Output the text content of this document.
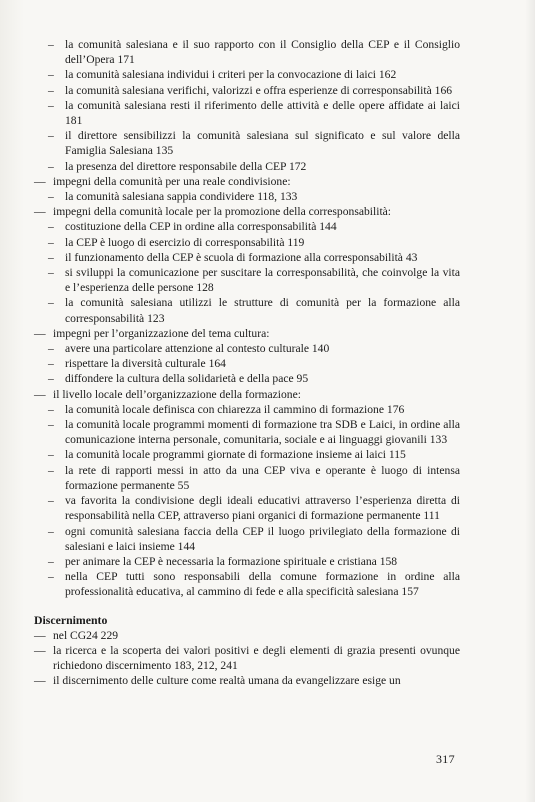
– la comunità salesiana e il suo rapporto con il Consiglio della CEP e il Consiglio dell’Opera 171
– la comunità salesiana individui i criteri per la convocazione di laici 162
– la comunità salesiana verifichi, valorizzi e offra esperienze di corresponsabilità 166
– la comunità salesiana resti il riferimento delle attività e delle opere affidate ai laici 181
– il direttore sensibilizzi la comunità salesiana sul significato e sul valore della Famiglia Salesiana 135
– la presenza del direttore responsabile della CEP 172
— impegni della comunità per una reale condivisione:
– la comunità salesiana sappia condividere 118, 133
— impegni della comunità locale per la promozione della corresponsabilità:
– costituzione della CEP in ordine alla corresponsabilità 144
– la CEP è luogo di esercizio di corresponsabilità 119
– il funzionamento della CEP è scuola di formazione alla corresponsabilità 43
– si sviluppi la comunicazione per suscitare la corresponsabilità, che coinvolge la vita e l’esperienza delle persone 128
– la comunità salesiana utilizzi le strutture di comunità per la formazione alla corresponsabilità 123
— impegni per l’organizzazione del tema cultura:
– avere una particolare attenzione al contesto culturale 140
– rispettare la diversità culturale 164
– diffondere la cultura della solidarietà e della pace 95
— il livello locale dell’organizzazione della formazione:
– la comunità locale definisca con chiarezza il cammino di formazione 176
– la comunità locale programmi momenti di formazione tra SDB e Laici, in ordine alla comunicazione interna personale, comunitaria, sociale e ai linguaggi giovanili 133
– la comunità locale programmi giornate di formazione insieme ai laici 115
– la rete di rapporti messi in atto da una CEP viva e operante è luogo di intensa formazione permanente 55
– va favorita la condivisione degli ideali educativi attraverso l’esperienza diretta di responsabilità nella CEP, attraverso piani organici di formazione permanente 111
– ogni comunità salesiana faccia della CEP il luogo privilegiato della formazione di salesiani e laici insieme 144
– per animare la CEP è necessaria la formazione spirituale e cristiana 158
– nella CEP tutti sono responsabili della comune formazione in ordine alla professionalità educativa, al cammino di fede e alla specificità salesiana 157
Discernimento
— nel CG24 229
— la ricerca e la scoperta dei valori positivi e degli elementi di grazia presenti ovunque richiedono discernimento 183, 212, 241
— il discernimento delle culture come realtà umana da evangelizzare esige un
317
